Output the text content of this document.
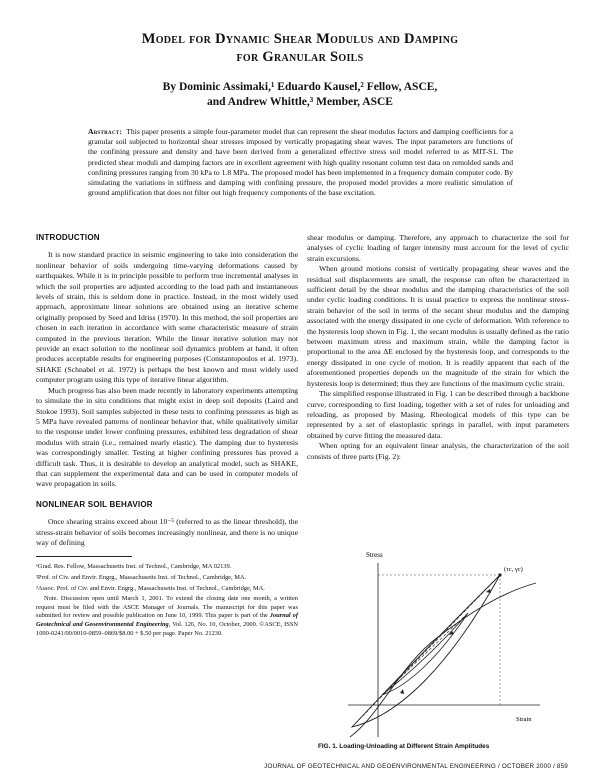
Model for Dynamic Shear Modulus and Damping
for Granular Soils
By Dominic Assimaki,¹ Eduardo Kausel,² Fellow, ASCE,
and Andrew Whittle,³ Member, ASCE
Abstract: This paper presents a simple four-parameter model that can represent the shear modulus factors and damping coefficients for a granular soil subjected to horizontal shear stresses imposed by vertically propagating shear waves. The input parameters are functions of the confining pressure and density and have been derived from a generalized effective stress soil model referred to as MIT-S1. The predicted shear moduli and damping factors are in excellent agreement with high quality resonant column test data on remolded sands and confining pressures ranging from 30 kPa to 1.8 MPa. The proposed model has been implemented in a frequency domain computer code. By simulating the variations in stiffness and damping with confining pressure, the proposed model provides a more realistic simulation of ground amplification that does not filter out high frequency components of the base excitation.
INTRODUCTION

It is now standard practice in seismic engineering to take into consideration the nonlinear behavior of soils undergoing time-varying deformations caused by earthquakes. While it is in principle possible to perform true incremental analyses in which the soil properties are adjusted according to the load path and instantaneous levels of strain, this is seldom done in practice. Instead, in the most widely used approach, approximate linear solutions are obtained using an iterative scheme originally proposed by Seed and Idriss (1970). In this method, the soil properties are chosen in each iteration in accordance with some characteristic measure of strain computed in the previous iteration. While the linear iterative solution may not provide an exact solution to the nonlinear soil dynamics problem at hand, it often produces acceptable results for engineering purposes (Constantopoulos et al. 1973). SHAKE (Schnabel et al. 1972) is perhaps the best known and most widely used computer program using this type of iterative linear algorithm.

Much progress has also been made recently in laboratory experiments attempting to simulate the in situ conditions that might exist in deep soil deposits (Laird and Stokoe 1993). Soil samples subjected in these tests to confining pressures as high as 5 MPa have revealed patterns of nonlinear behavior that, while qualitatively similar to the response under lower confining pressures, exhibited less degradation of shear modulus with strain (i.e., remained nearly elastic). The damping due to hysteresis was correspondingly smaller. Testing at higher confining pressures has proved a difficult task. Thus, it is desirable to develop an analytical model, such as SHAKE, that can supplement the experimental data and can be used in computer models of wave propagation in soils.

NONLINEAR SOIL BEHAVIOR

Once shearing strains exceed about 10⁻⁵ (referred to as the linear threshold), the stress-strain behavior of soils becomes increasingly nonlinear, and there is no unique way of defining

¹Grad. Res. Fellow, Massachusetts Inst. of Technol., Cambridge, MA 02139.

²Prof. of Civ. and Envir. Engrg., Massachusetts Inst. of Technol., Cambridge, MA.

³Assoc. Prof. of Civ. and Envir. Engrg., Massachusetts Inst. of Technol., Cambridge, MA.

Note. Discussion open until March 1, 2001. To extend the closing date one month, a written request must be filed with the ASCE Manager of Journals. The manuscript for this paper was submitted for review and possible publication on June 10, 1999. This paper is part of the Journal of Geotechnical and Geoenvironmental Engineering, Vol. 126, No. 10, October, 2000. ©ASCE, ISSN 1090-0241/00/0010-0859–0869/$8.00 + $.50 per page. Paper No. 21230.

shear modulus or damping. Therefore, any approach to characterize the soil for analyses of cyclic loading of larger intensity must account for the level of cyclic strain excursions.

When ground motions consist of vertically propagating shear waves and the residual soil displacements are small, the response can often be characterized in sufficient detail by the shear modulus and the damping characteristics of the soil under cyclic loading conditions. It is usual practice to express the nonlinear stress-strain behavior of the soil in terms of the secant shear modulus and the damping associated with the energy dissipated in one cycle of deformation. With reference to the hysteresis loop shown in Fig. 1, the secant modulus is usually defined as the ratio between maximum stress and maximum strain, while the damping factor is proportional to the area ΔE enclosed by the hysteresis loop, and corresponds to the energy dissipated in one cycle of motion. It is readily apparent that each of the aforementioned properties depends on the magnitude of the strain for which the hysteresis loop is determined; thus they are functions of the maximum cyclic strain.

The simplified response illustrated in Fig. 1 can be described through a backbone curve, corresponding to first loading, together with a set of rules for unloading and reloading, as proposed by Masing. Rheological models of this type can be represented by a set of elastoplastic springs in parallel, with input parameters obtained by curve fitting the measured data.

When opting for an equivalent linear analysis, the characterization of the soil consists of three parts (Fig. 2):

Stress
Strain
(τc, γc)
FIG. 1. Loading-Unloading at Different Strain Amplitudes
JOURNAL OF GEOTECHNICAL AND GEOENVIRONMENTAL ENGINEERING / OCTOBER 2000 / 859
